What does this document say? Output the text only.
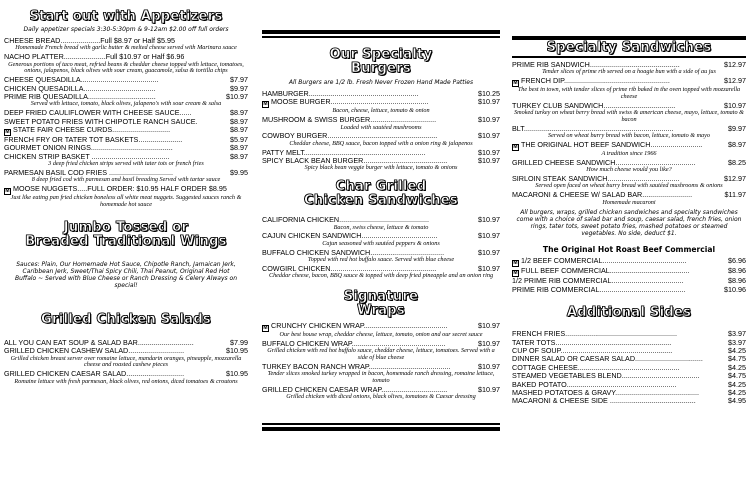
Start out with Appetizers
Daily appetizer specials 3:30-5:30pm & 9-12am $2.00 off full orders
CHEESE BREAD....................Full $8.97 or Half $5.95
Homemade French bread with garlic butter & melted cheese served with Marinara sauce
NACHO PLATTER.....................Full $10.97 or Half $6.96
Generous portions of taco meat, refried beans & cheddar cheese topped with lettuce, tomatoes, onions, jalapenos, black olives with sour cream, guacamole, salsa & tortilla chips
CHEESE QUESADILLA.......................................	$7.97
CHICKEN QUESADILLA....................................	$9.97
PRIME RIB QUESADILLA..................................	$10.97
Served with lettuce, tomato, black olives, jalapeno's with sour cream & salsa
DEEP FRIED CAULIFLOWER WITH CHEESE SAUCE......	$8.97
SWEET POTATO FRIES WITH CHIPOTLE RANCH SAUCE.	$8.97
M STATE FAIR CHEESE CURDS.............................	$8.97
FRENCH FRY OR TATER TOT BASKETS......................	$5.97
GOURMET ONION RINGS.........................................	$8.97
CHICKEN STRIP BASKET .......................................	$8.97
3 deep fried chicken strips served with tater tots or french fries
PARMESAN BASIL COD FRIES ................................	$9.95
8 deep fried cod with parmesan and basil breading Served with tartar sauce
M MOOSE NUGGETS.....FULL ORDER: $10.95 HALF ORDER $8.95
Just like eating pan fried chicken boneless all white meat nuggets. Suggested sauces ranch & homemade hot sauce
Jumbo Tossed or
Breaded Traditional Wings
Sauces: Plain, Our Homemade Hot Sauce, Chipotle Ranch, Jamaican Jerk, Caribbean Jerk, Sweet/Thai Spicy Chili, Thai Peanut, Original Red Hot Buffalo ~ Served with Blue Cheese or Ranch Dressing & Celery Always on special!
Grilled Chicken Salads
ALL YOU CAN EAT SOUP & SALAD BAR............................	$7.99
GRILLED CHICKEN CASHEW SALAD............................	$10.95
Grilled chicken breast server over romaine lettuce, mandarin oranges, pineapple, mozzarella cheese and roasted cashew pieces
GRILLED CHICKEN CAESAR SALAD.............................	$10.95
Romaine lettuce with fresh parmesan, black olives, red onions, diced tomatoes & croutons
Our Specialty
Burgers
All Burgers are 1/2 lb. Fresh Never Frozen Hand Made Patties
HAMBURGER.......................................................	$10.25
M MOOSE BURGER.................................................	$10.97
Bacon, cheese, lettuce, tomato & onion
MUSHROOM & SWISS BURGER.................................	$10.97
Loaded with sautéed mushrooms
COWBOY BURGER.......................................................	$10.97
Cheddar cheese, BBQ sauce, bacon topped with a onion ring & jalapenos
PATTY MELT.............................................................	$10.97
SPICY BLACK BEAN BURGER..........................................	$10.97
Spicy black bean veggie burger with lettuce, tomato & onions
Char Grilled
Chicken Sandwiches
CALIFORNIA CHICKEN.............................................	$10.97
Bacon, swiss cheese, lettuce & tomato
CAJUN CHICKEN SANDWICH......................................	$10.97
Cajun seasoned with sautéed peppers & onions
BUFFALO CHICKEN SANDWICH.....................................	$10.97
Topped with red hot buffalo sauce. Served with blue cheese
COWGIRL CHICKEN.....................................................	$10.97
Cheddar cheese, bacon, BBQ sauce & topped with deep fried pineapple and an onion ring
Signature
Wraps
M CRUNCHY CHICKEN WRAP..........................................	$10.97
Our best house wrap, cheddar cheese, lettuce, tomato, onion and our secret sauce
BUFFALO CHICKEN WRAP...............................................	$10.97
Grilled chicken with red hot buffalo sauce, cheddar cheese, lettuce, tomatoes. Served with a side of blue cheese
TURKEY BACON RANCH WRAP.........................................	$10.97
Tender slices smoked turkey wrapped in bacon, homemade ranch dressing, romaine lettuce, tomato
GRILLED CHICKEN CAESAR WRAP.................................	$10.97
Grilled chicken with diced onions, black olives, tomatoes & Caesar dressing
Specialty Sandwiches
PRIME RIB SANDWICH.............................................	$12.97
Tender slices of prime rib served on a hoagie bun with a side of au jus
M FRENCH DIP.....................................................	$12.97
The best in town, with tender slices of prime rib baked in the oven topped with mozzarella cheese
TURKEY CLUB SANDWICH....................................	$10.97
Smoked turkey on wheat berry bread with swiss & american cheese, mayo, lettuce, tomato & bacon
BLT...........................................................................	$9.97
Served on wheat burry bread with bacon, lettuce, tomato & mayo
M THE ORIGINAL HOT BEEF SANDWICH..........................	$8.97
A tradition since 1966
GRILLED CHEESE SANDWICH........................................	$8.25
How much cheese would you like?
SIRLOIN STEAK SANDWICH....................................	$12.97
Served open faced on wheat burry bread with sautéed mushrooms & onions
MACARONI & CHEESE W/ SALAD BAR.........................	$11.97
Homemade macaroni
All burgers, wraps, grilled chicken sandwiches and specialty sandwiches come with a choice of salad bar and soup, caesar salad, french fries, onion rings, tater tots, sweet potato fries, mashed potatoes or steamed vegetables. No side, deduct $1.
The Original Hot Roast Beef Commercial
M 1/2 BEEF COMMERCIAL..........................................	$6.96
M FULL BEEF COMMERCIAL........................................	$8.96
1/2 PRIME RIB COMMERCIAL....................................	$8.96
PRIME RIB COMMERCIAL...........................................	$10.96
Additional Sides
FRENCH FRIES........................................................	$3.97
TATER TOTS..........................................................	$3.97
CUP OF SOUP........................................................	$4.25
DINNER SALAD OR CAESAR SALAD..................................	$4.75
COTTAGE CHEESE...................................................	$4.25
STEAMED VEGETABLES BLEND.......................................	$4.75
BAKED POTATO.......................................................	$4.25
MASHED POTATOES & GRAVY..........................................	$4.25
MACARONI & CHEESE SIDE ...........................................	$4.95
